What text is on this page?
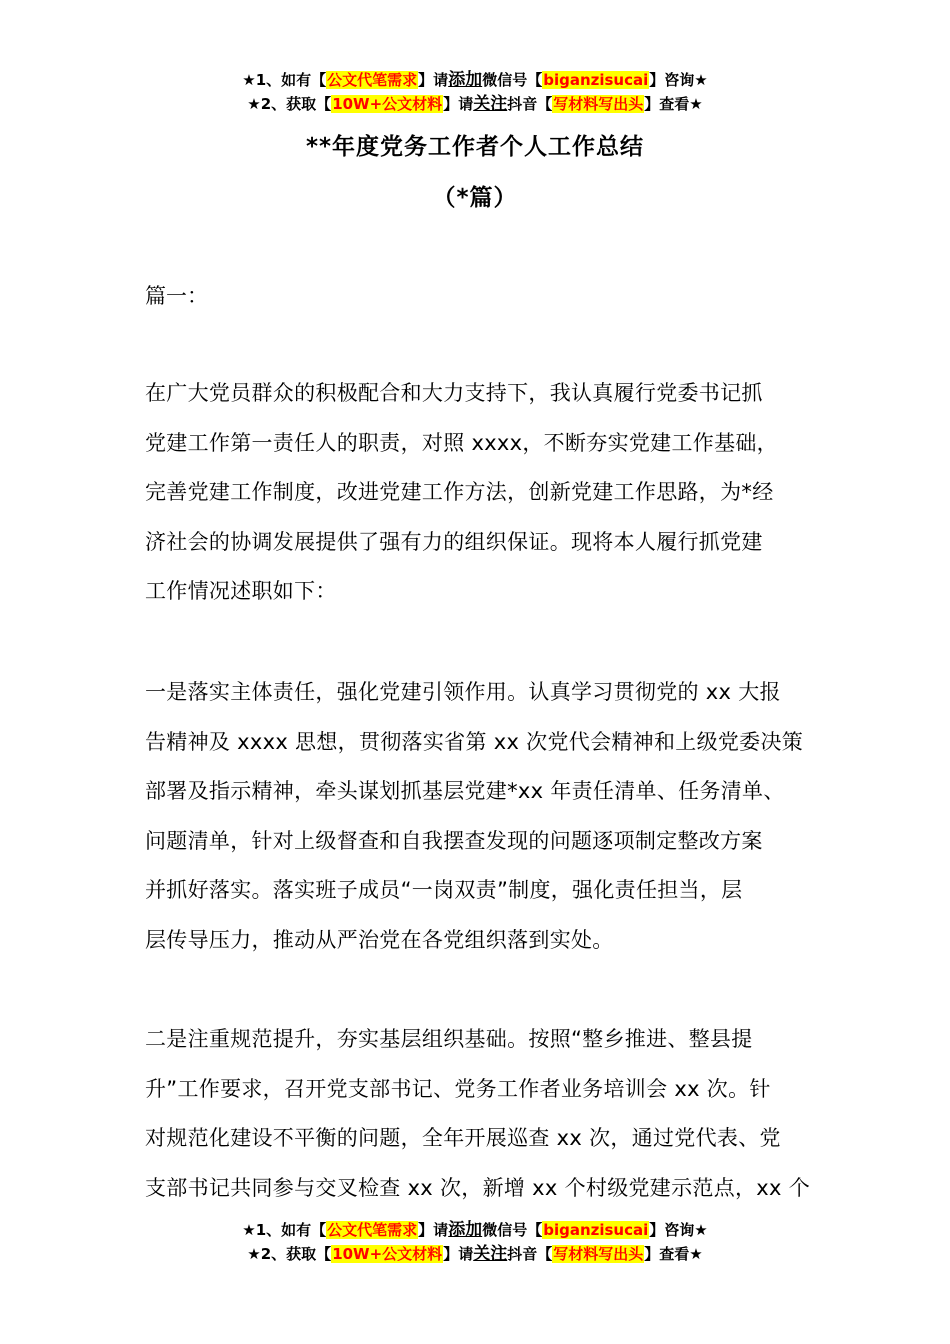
★1、如有【公文代笔需求】请添加微信号【biganzisucai】咨询★
★2、获取【10W+公文材料】请关注抖音【写材料写出头】查看★
**年度党务工作者个人工作总结
（*篇）
篇一：
在广大党员群众的积极配合和大力支持下，我认真履行党委书记抓
党建工作第一责任人的职责，对照 xxxx，不断夯实党建工作基础，
完善党建工作制度，改进党建工作方法，创新党建工作思路，为*经
济社会的协调发展提供了强有力的组织保证。现将本人履行抓党建
工作情况述职如下：
一是落实主体责任，强化党建引领作用。认真学习贯彻党的 xx 大报
告精神及 xxxx 思想，贯彻落实省第 xx 次党代会精神和上级党委决策
部署及指示精神，牵头谋划抓基层党建*xx 年责任清单、任务清单、
问题清单，针对上级督查和自我摆查发现的问题逐项制定整改方案
并抓好落实。落实班子成员“一岗双责”制度，强化责任担当，层
层传导压力，推动从严治党在各党组织落到实处。
二是注重规范提升，夯实基层组织基础。按照“整乡推进、整县提
升”工作要求，召开党支部书记、党务工作者业务培训会 xx 次。针
对规范化建设不平衡的问题，全年开展巡查 xx 次，通过党代表、党
支部书记共同参与交叉检查 xx 次，新增 xx 个村级党建示范点，xx 个
★1、如有【公文代笔需求】请添加微信号【biganzisucai】咨询★
★2、获取【10W+公文材料】请关注抖音【写材料写出头】查看★
